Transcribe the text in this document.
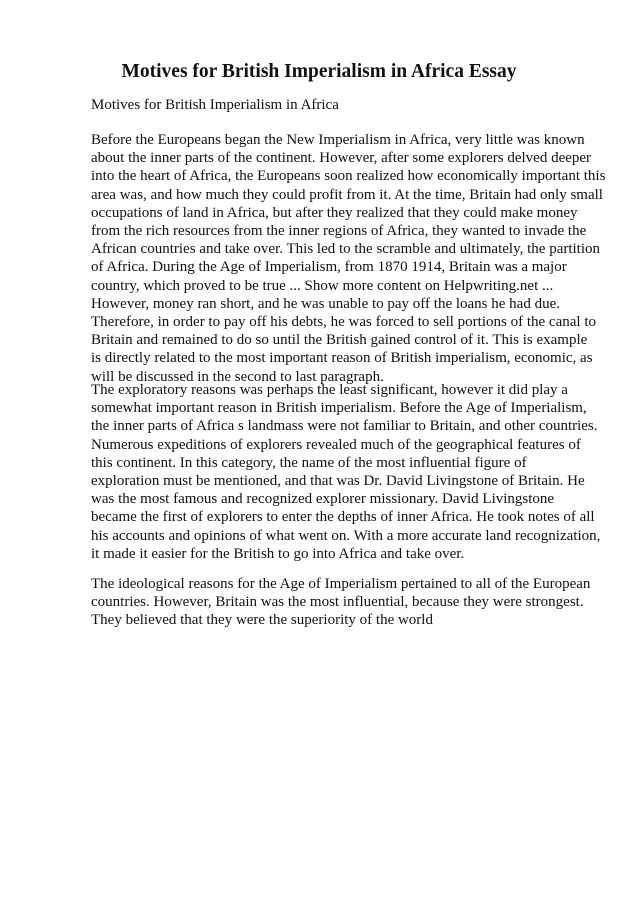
Motives for British Imperialism in Africa Essay

Motives for British Imperialism in Africa

Before the Europeans began the New Imperialism in Africa, very little was known
about the inner parts of the continent. However, after some explorers delved deeper
into the heart of Africa, the Europeans soon realized how economically important this
area was, and how much they could profit from it. At the time, Britain had only small
occupations of land in Africa, but after they realized that they could make money
from the rich resources from the inner regions of Africa, they wanted to invade the
African countries and take over. This led to the scramble and ultimately, the partition
of Africa. During the Age of Imperialism, from 1870 1914, Britain was a major
country, which proved to be true ... Show more content on Helpwriting.net ...
However, money ran short, and he was unable to pay off the loans he had due.
Therefore, in order to pay off his debts, he was forced to sell portions of the canal to
Britain and remained to do so until the British gained control of it. This is example
is directly related to the most important reason of British imperialism, economic, as
will be discussed in the second to last paragraph.
The exploratory reasons was perhaps the least significant, however it did play a
somewhat important reason in British imperialism. Before the Age of Imperialism,
the inner parts of Africa s landmass were not familiar to Britain, and other countries.
Numerous expeditions of explorers revealed much of the geographical features of
this continent. In this category, the name of the most influential figure of
exploration must be mentioned, and that was Dr. David Livingstone of Britain. He
was the most famous and recognized explorer missionary. David Livingstone
became the first of explorers to enter the depths of inner Africa. He took notes of all
his accounts and opinions of what went on. With a more accurate land recognization,
it made it easier for the British to go into Africa and take over.
The ideological reasons for the Age of Imperialism pertained to all of the European
countries. However, Britain was the most influential, because they were strongest.
They believed that they were the superiority of the world
